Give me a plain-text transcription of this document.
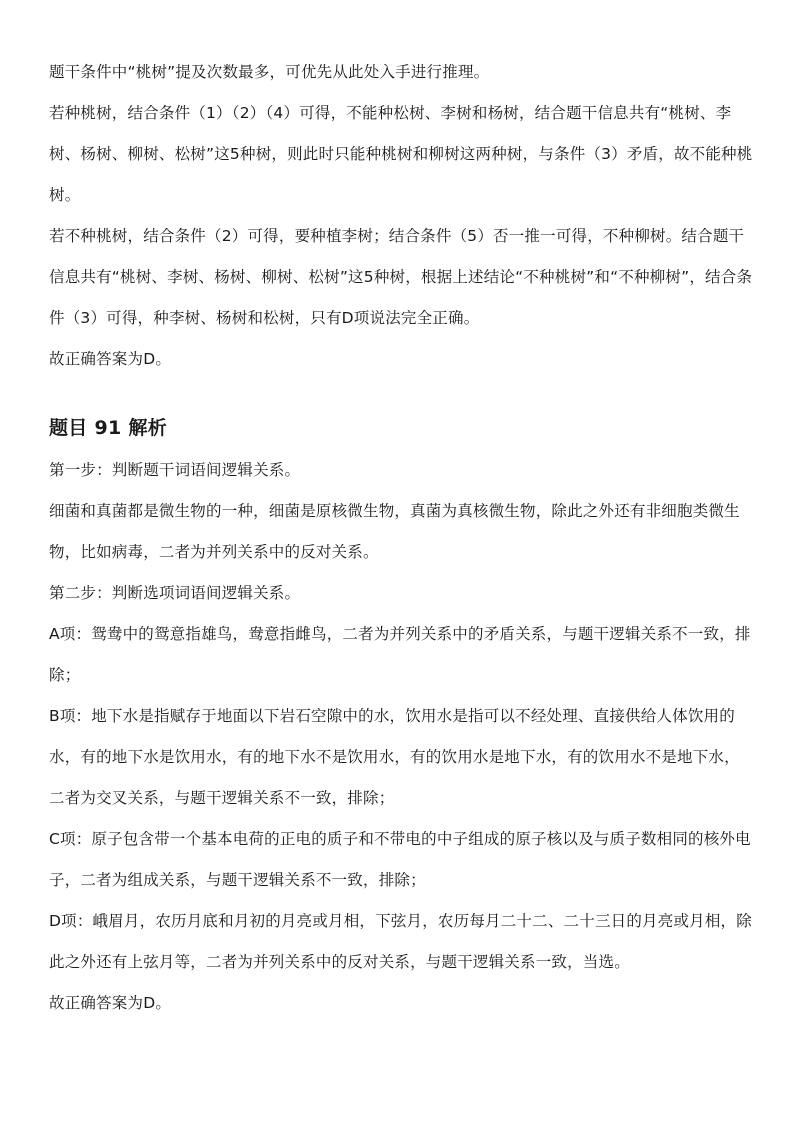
题干条件中“桃树”提及次数最多，可优先从此处入手进行推理。

若种桃树，结合条件（1）（2）（4）可得，不能种松树、李树和杨树，结合题干信息共有“桃树、李树、杨树、柳树、松树”这5种树，则此时只能种桃树和柳树这两种树，与条件（3）矛盾，故不能种桃树。

若不种桃树，结合条件（2）可得，要种植李树；结合条件（5）否一推一可得，不种柳树。结合题干信息共有“桃树、李树、杨树、柳树、松树”这5种树，根据上述结论“不种桃树”和“不种柳树”，结合条件（3）可得，种李树、杨树和松树，只有D项说法完全正确。

故正确答案为D。

题目 91 解析

第一步：判断题干词语间逻辑关系。

细菌和真菌都是微生物的一种，细菌是原核微生物，真菌为真核微生物，除此之外还有非细胞类微生物，比如病毒，二者为并列关系中的反对关系。

第二步：判断选项词语间逻辑关系。

A项：鸳鸯中的鸳意指雄鸟，鸯意指雌鸟，二者为并列关系中的矛盾关系，与题干逻辑关系不一致，排除；

B项：地下水是指赋存于地面以下岩石空隙中的水，饮用水是指可以不经处理、直接供给人体饮用的水，有的地下水是饮用水，有的地下水不是饮用水，有的饮用水是地下水，有的饮用水不是地下水，二者为交叉关系，与题干逻辑关系不一致，排除；

C项：原子包含带一个基本电荷的正电的质子和不带电的中子组成的原子核以及与质子数相同的核外电子，二者为组成关系，与题干逻辑关系不一致，排除；

D项：峨眉月，农历月底和月初的月亮或月相，下弦月，农历每月二十二、二十三日的月亮或月相，除此之外还有上弦月等，二者为并列关系中的反对关系，与题干逻辑关系一致，当选。

故正确答案为D。
